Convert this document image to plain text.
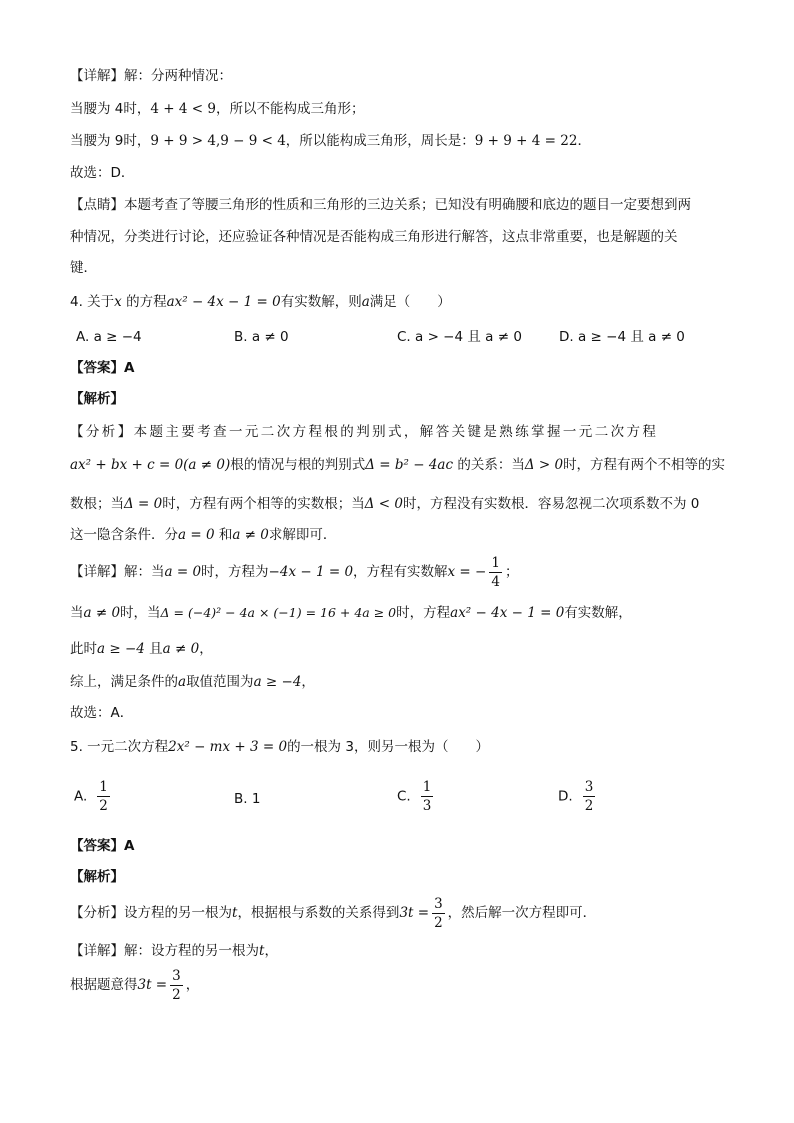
【详解】解：分两种情况：
当腰为 4时，4 + 4 < 9，所以不能构成三角形；
当腰为 9时，9 + 9 > 4,9 − 9 < 4，所以能构成三角形，周长是：9 + 9 + 4 = 22．
故选：D．
【点睛】本题考查了等腰三角形的性质和三角形的三边关系；已知没有明确腰和底边的题目一定要想到两
种情况，分类进行讨论，还应验证各种情况是否能构成三角形进行解答，这点非常重要，也是解题的关
键．
4. 关于x 的方程ax² − 4x − 1 = 0有实数解，则a满足（　　）
A. a ≥ −4	B. a ≠ 0	C. a > −4 且 a ≠ 0	D. a ≥ −4 且 a ≠ 0
【答案】A
【解析】
【分析】本题主要考查一元二次方程根的判别式，解答关键是熟练掌握一元二次方程
ax² + bx + c = 0(a ≠ 0)根的情况与根的判别式Δ = b² − 4ac 的关系：当Δ > 0时，方程有两个不相等的实
数根；当Δ = 0时，方程有两个相等的实数根；当Δ < 0时，方程没有实数根．容易忽视二次项系数不为 0
这一隐含条件．分a = 0 和a ≠ 0求解即可．
【详解】解：当a = 0时，方程为−4x − 1 = 0，方程有实数解x = − $\frac{1}{4}$ ；
当a ≠ 0时，当Δ = (−4)² − 4a × (−1) = 16 + 4a ≥ 0时，方程ax² − 4x − 1 = 0有实数解，
此时a ≥ −4 且a ≠ 0，
综上，满足条件的a取值范围为a ≥ −4，
故选：A．
5. 一元二次方程2x² − mx + 3 = 0的一根为 3，则另一根为（　　）
A. $\frac{1}{2}$	B. 1	C. $\frac{1}{3}$	D. $\frac{3}{2}$
【答案】A
【解析】
【分析】设方程的另一根为t，根据根与系数的关系得到$3t = \frac{3}{2}$ ，然后解一次方程即可．
【详解】解：设方程的另一根为t，
根据题意得$3t = \frac{3}{2}$ ，
